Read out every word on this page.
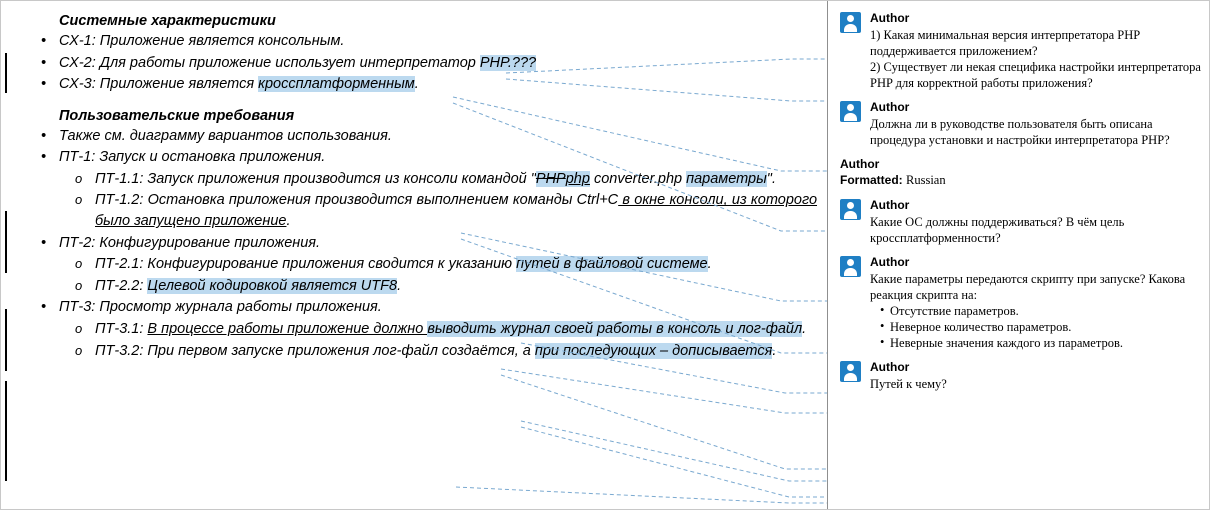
Системные характеристики
• СХ-1: Приложение является консольным.
• СХ-2: Для работы приложение использует интерпретатор PHP.???
• СХ-3: Приложение является кроссплатформенным.
Пользовательские требования
• Также см. диаграмму вариантов использования.
• ПТ-1: Запуск и остановка приложения.
o ПТ-1.1: Запуск приложения производится из консоли командой "PHPphp converter.php параметры".
o ПТ-1.2: Остановка приложения производится выполнением команды Ctrl+C в окне консоли, из которого было запущено приложение.
• ПТ-2: Конфигурирование приложения.
o ПТ-2.1: Конфигурирование приложения сводится к указанию путей в файловой системе.
o ПТ-2.2: Целевой кодировкой является UTF8.
• ПТ-3: Просмотр журнала работы приложения.
o ПТ-3.1: В процессе работы приложение должно выводить журнал своей работы в консоль и лог-файл.
o ПТ-3.2: При первом запуске приложения лог-файл создаётся, а при последующих – дописывается.
Author

1) Какая минимальная версия интерпретатора PHP поддерживается приложением?

2) Существует ли некая специфика настройки интерпретатора PHP для корректной работы приложения?

Author

Должна ли в руководстве пользователя быть описана процедура установки и настройки интерпретатора PHP?

Author
Formatted: Russian
Author

Какие ОС должны поддерживаться? В чём цель кроссплатформенности?

Author

Какие параметры передаются скрипту при запуске? Какова реакция скрипта на:

• Отсутствие параметров.
• Неверное количество параметров.
• Неверные значения каждого из параметров.
Author

Путей к чему?
